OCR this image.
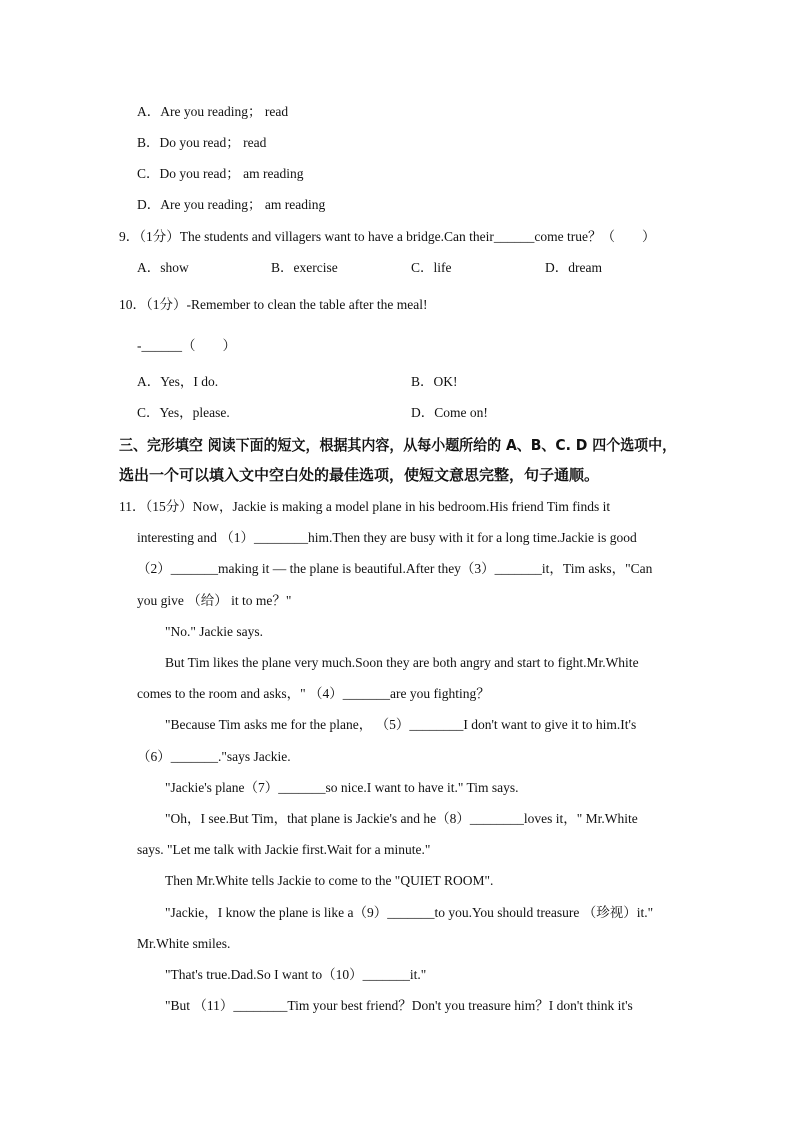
A．Are you reading； read
B．Do you read； read
C．Do you read； am reading
D．Are you reading； am reading
9．（1分）The students and villagers want to have a bridge.Can their______come true？（　　）
A．show	B．exercise	C．life	D．dream
10．（1分）-Remember to clean the table after the meal!
-______（　　）
A．Yes，I do.	B．OK!
C．Yes，please.	D．Come on!
三、完形填空 阅读下面的短文，根据其内容，从每小题所给的 A、B、C. D 四个选项中，
选出一个可以填入文中空白处的最佳选项，使短文意思完整，句子通顺。
11．（15分）Now，Jackie is making a model plane in his bedroom.His friend Tim finds it
interesting and （1）________him.Then they are busy with it for a long time.Jackie is good
（2）_______making it — the plane is beautiful.After they（3）_______it，Tim asks，"Can
you give （给） it to me？"
"No." Jackie says.
But Tim likes the plane very much.Soon they are both angry and start to fight.Mr.White
comes to the room and asks，" （4）_______are you fighting？
"Because Tim asks me for the plane， （5）________I don't want to give it to him.It's
（6）_______."says Jackie.
"Jackie's plane（7）_______so nice.I want to have it." Tim says.
"Oh，I see.But Tim，that plane is Jackie's and he（8）________loves it，" Mr.White
says. "Let me talk with Jackie first.Wait for a minute."
Then Mr.White tells Jackie to come to the "QUIET ROOM".
"Jackie，I know the plane is like a（9）_______to you.You should treasure （珍视）it."
Mr.White smiles.
"That's true.Dad.So I want to（10）_______it."
"But （11）________Tim your best friend？Don't you treasure him？I don't think it's
